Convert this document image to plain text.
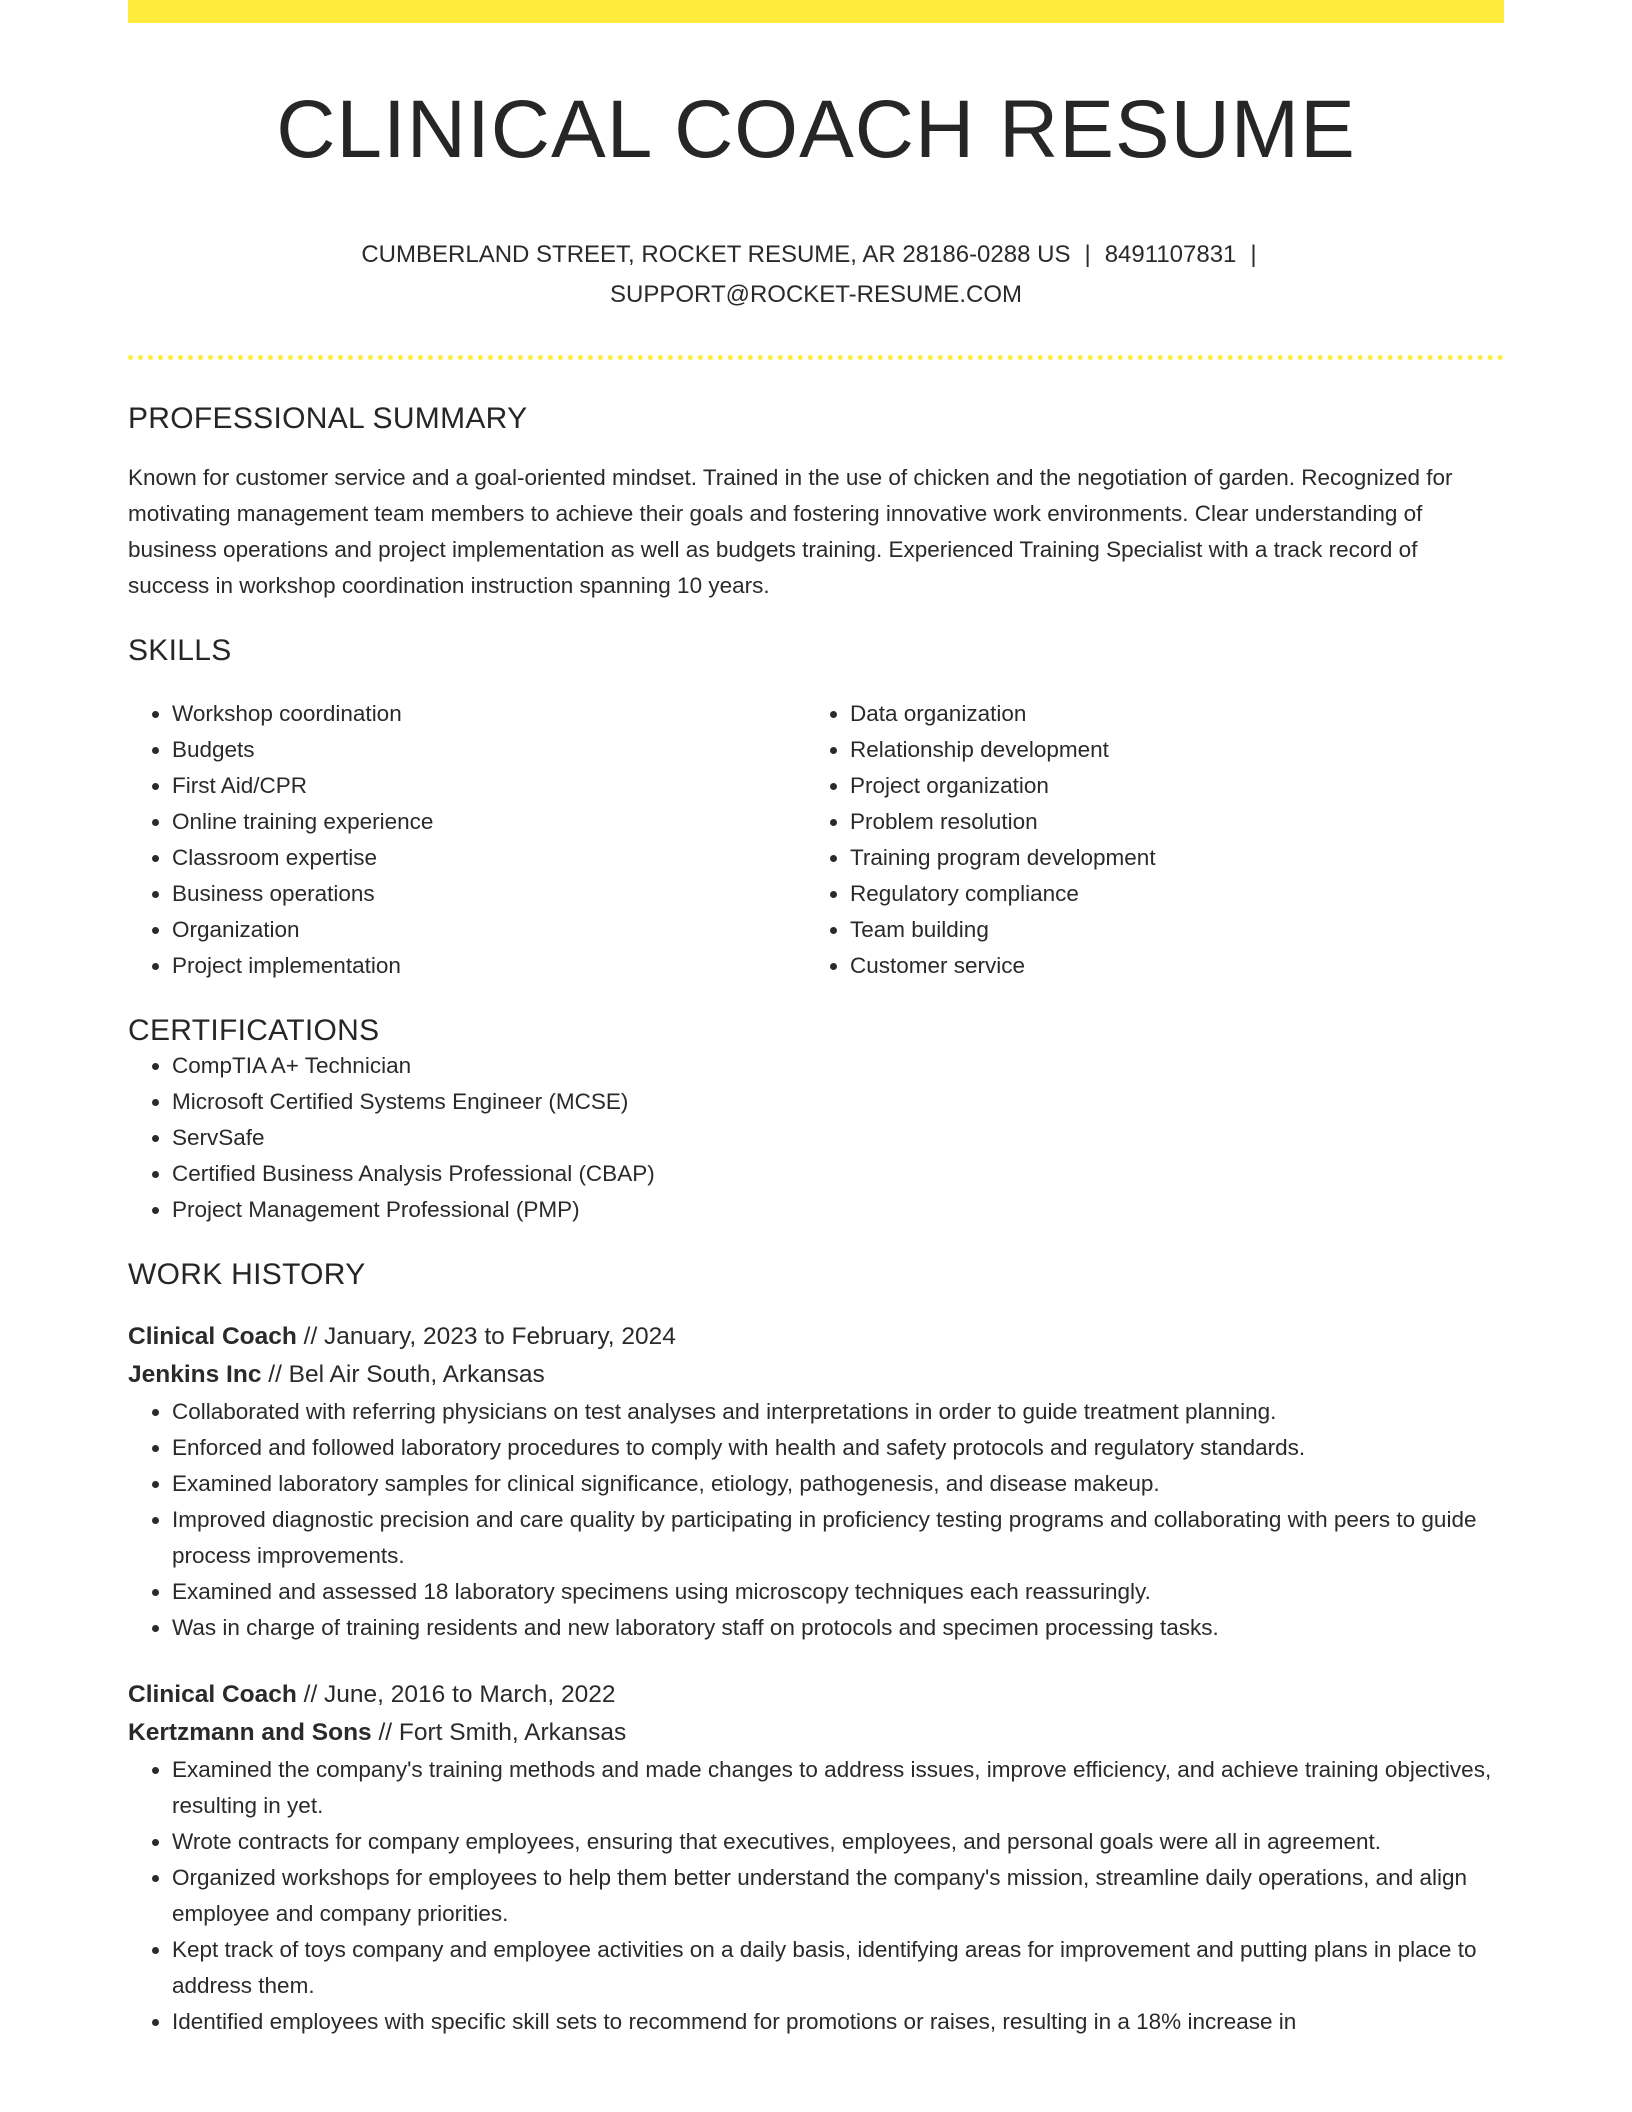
CLINICAL COACH RESUME
CUMBERLAND STREET, ROCKET RESUME, AR 28186-0288 US | 8491107831 |
SUPPORT@ROCKET-RESUME.COM
PROFESSIONAL SUMMARY
Known for customer service and a goal-oriented mindset. Trained in the use of chicken and the negotiation of garden. Recognized for motivating management team members to achieve their goals and fostering innovative work environments. Clear understanding of business operations and project implementation as well as budgets training. Experienced Training Specialist with a track record of success in workshop coordination instruction spanning 10 years.
SKILLS
• Workshop coordination
• Budgets
• First Aid/CPR
• Online training experience
• Classroom expertise
• Business operations
• Organization
• Project implementation
• Data organization
• Relationship development
• Project organization
• Problem resolution
• Training program development
• Regulatory compliance
• Team building
• Customer service
CERTIFICATIONS
• CompTIA A+ Technician
• Microsoft Certified Systems Engineer (MCSE)
• ServSafe
• Certified Business Analysis Professional (CBAP)
• Project Management Professional (PMP)
WORK HISTORY
Clinical Coach // January, 2023 to February, 2024
Jenkins Inc // Bel Air South, Arkansas
• Collaborated with referring physicians on test analyses and interpretations in order to guide treatment planning.
• Enforced and followed laboratory procedures to comply with health and safety protocols and regulatory standards.
• Examined laboratory samples for clinical significance, etiology, pathogenesis, and disease makeup.
• Improved diagnostic precision and care quality by participating in proficiency testing programs and collaborating with peers to guide process improvements.
• Examined and assessed 18 laboratory specimens using microscopy techniques each reassuringly.
• Was in charge of training residents and new laboratory staff on protocols and specimen processing tasks.
Clinical Coach // June, 2016 to March, 2022
Kertzmann and Sons // Fort Smith, Arkansas
• Examined the company's training methods and made changes to address issues, improve efficiency, and achieve training objectives, resulting in yet.
• Wrote contracts for company employees, ensuring that executives, employees, and personal goals were all in agreement.
• Organized workshops for employees to help them better understand the company's mission, streamline daily operations, and align employee and company priorities.
• Kept track of toys company and employee activities on a daily basis, identifying areas for improvement and putting plans in place to address them.
• Identified employees with specific skill sets to recommend for promotions or raises, resulting in a 18% increase in
